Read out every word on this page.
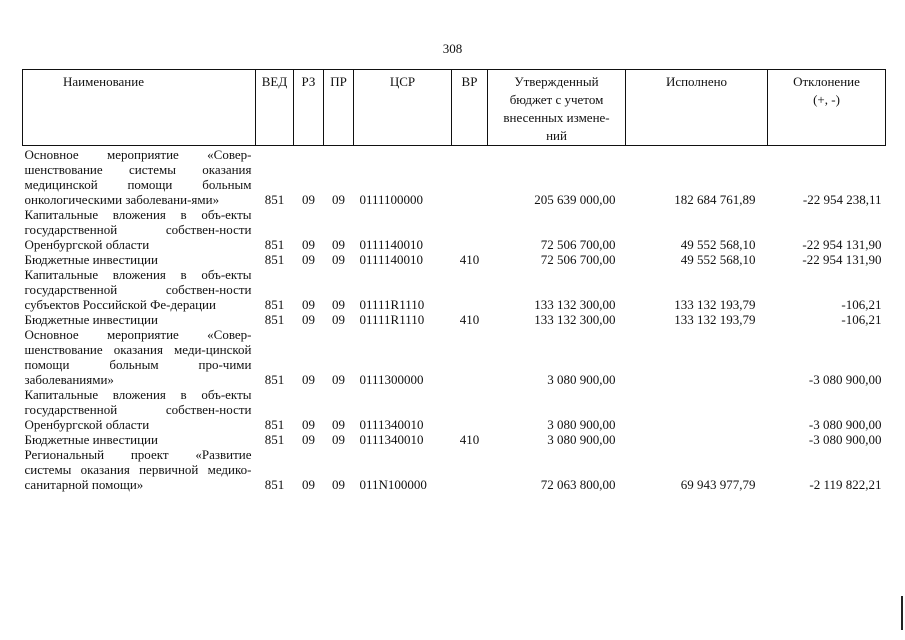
308
Наименование	ВЕД	РЗ	ПР	ЦСР	ВР	Утвержденный
бюджет с учетом
внесенных измене-
ний	Исполнено	Отклонение
(+, -)
Основное мероприятие «Совер-шенствование системы оказания медицинской помощи больным онкологическими заболевани-ями»	851	09	09	0111100000		205 639 000,00	182 684 761,89	-22 954 238,11
Капитальные вложения в объ-екты государственной собствен-ности Оренбургской области	851	09	09	0111140010		72 506 700,00	49 552 568,10	-22 954 131,90
Бюджетные инвестиции	851	09	09	0111140010	410	72 506 700,00	49 552 568,10	-22 954 131,90
Капитальные вложения в объ-екты государственной собствен-ности субъектов Российской Фе-дерации	851	09	09	01111R1110		133 132 300,00	133 132 193,79	-106,21
Бюджетные инвестиции	851	09	09	01111R1110	410	133 132 300,00	133 132 193,79	-106,21
Основное мероприятие «Совер-шенствование оказания меди-цинской помощи больным про-чими заболеваниями»	851	09	09	0111300000		3 080 900,00		-3 080 900,00
Капитальные вложения в объ-екты государственной собствен-ности Оренбургской области	851	09	09	0111340010		3 080 900,00		-3 080 900,00
Бюджетные инвестиции	851	09	09	0111340010	410	3 080 900,00		-3 080 900,00
Региональный проект «Развитие системы оказания первичной медико-санитарной помощи»	851	09	09	011N100000		72 063 800,00	69 943 977,79	-2 119 822,21
